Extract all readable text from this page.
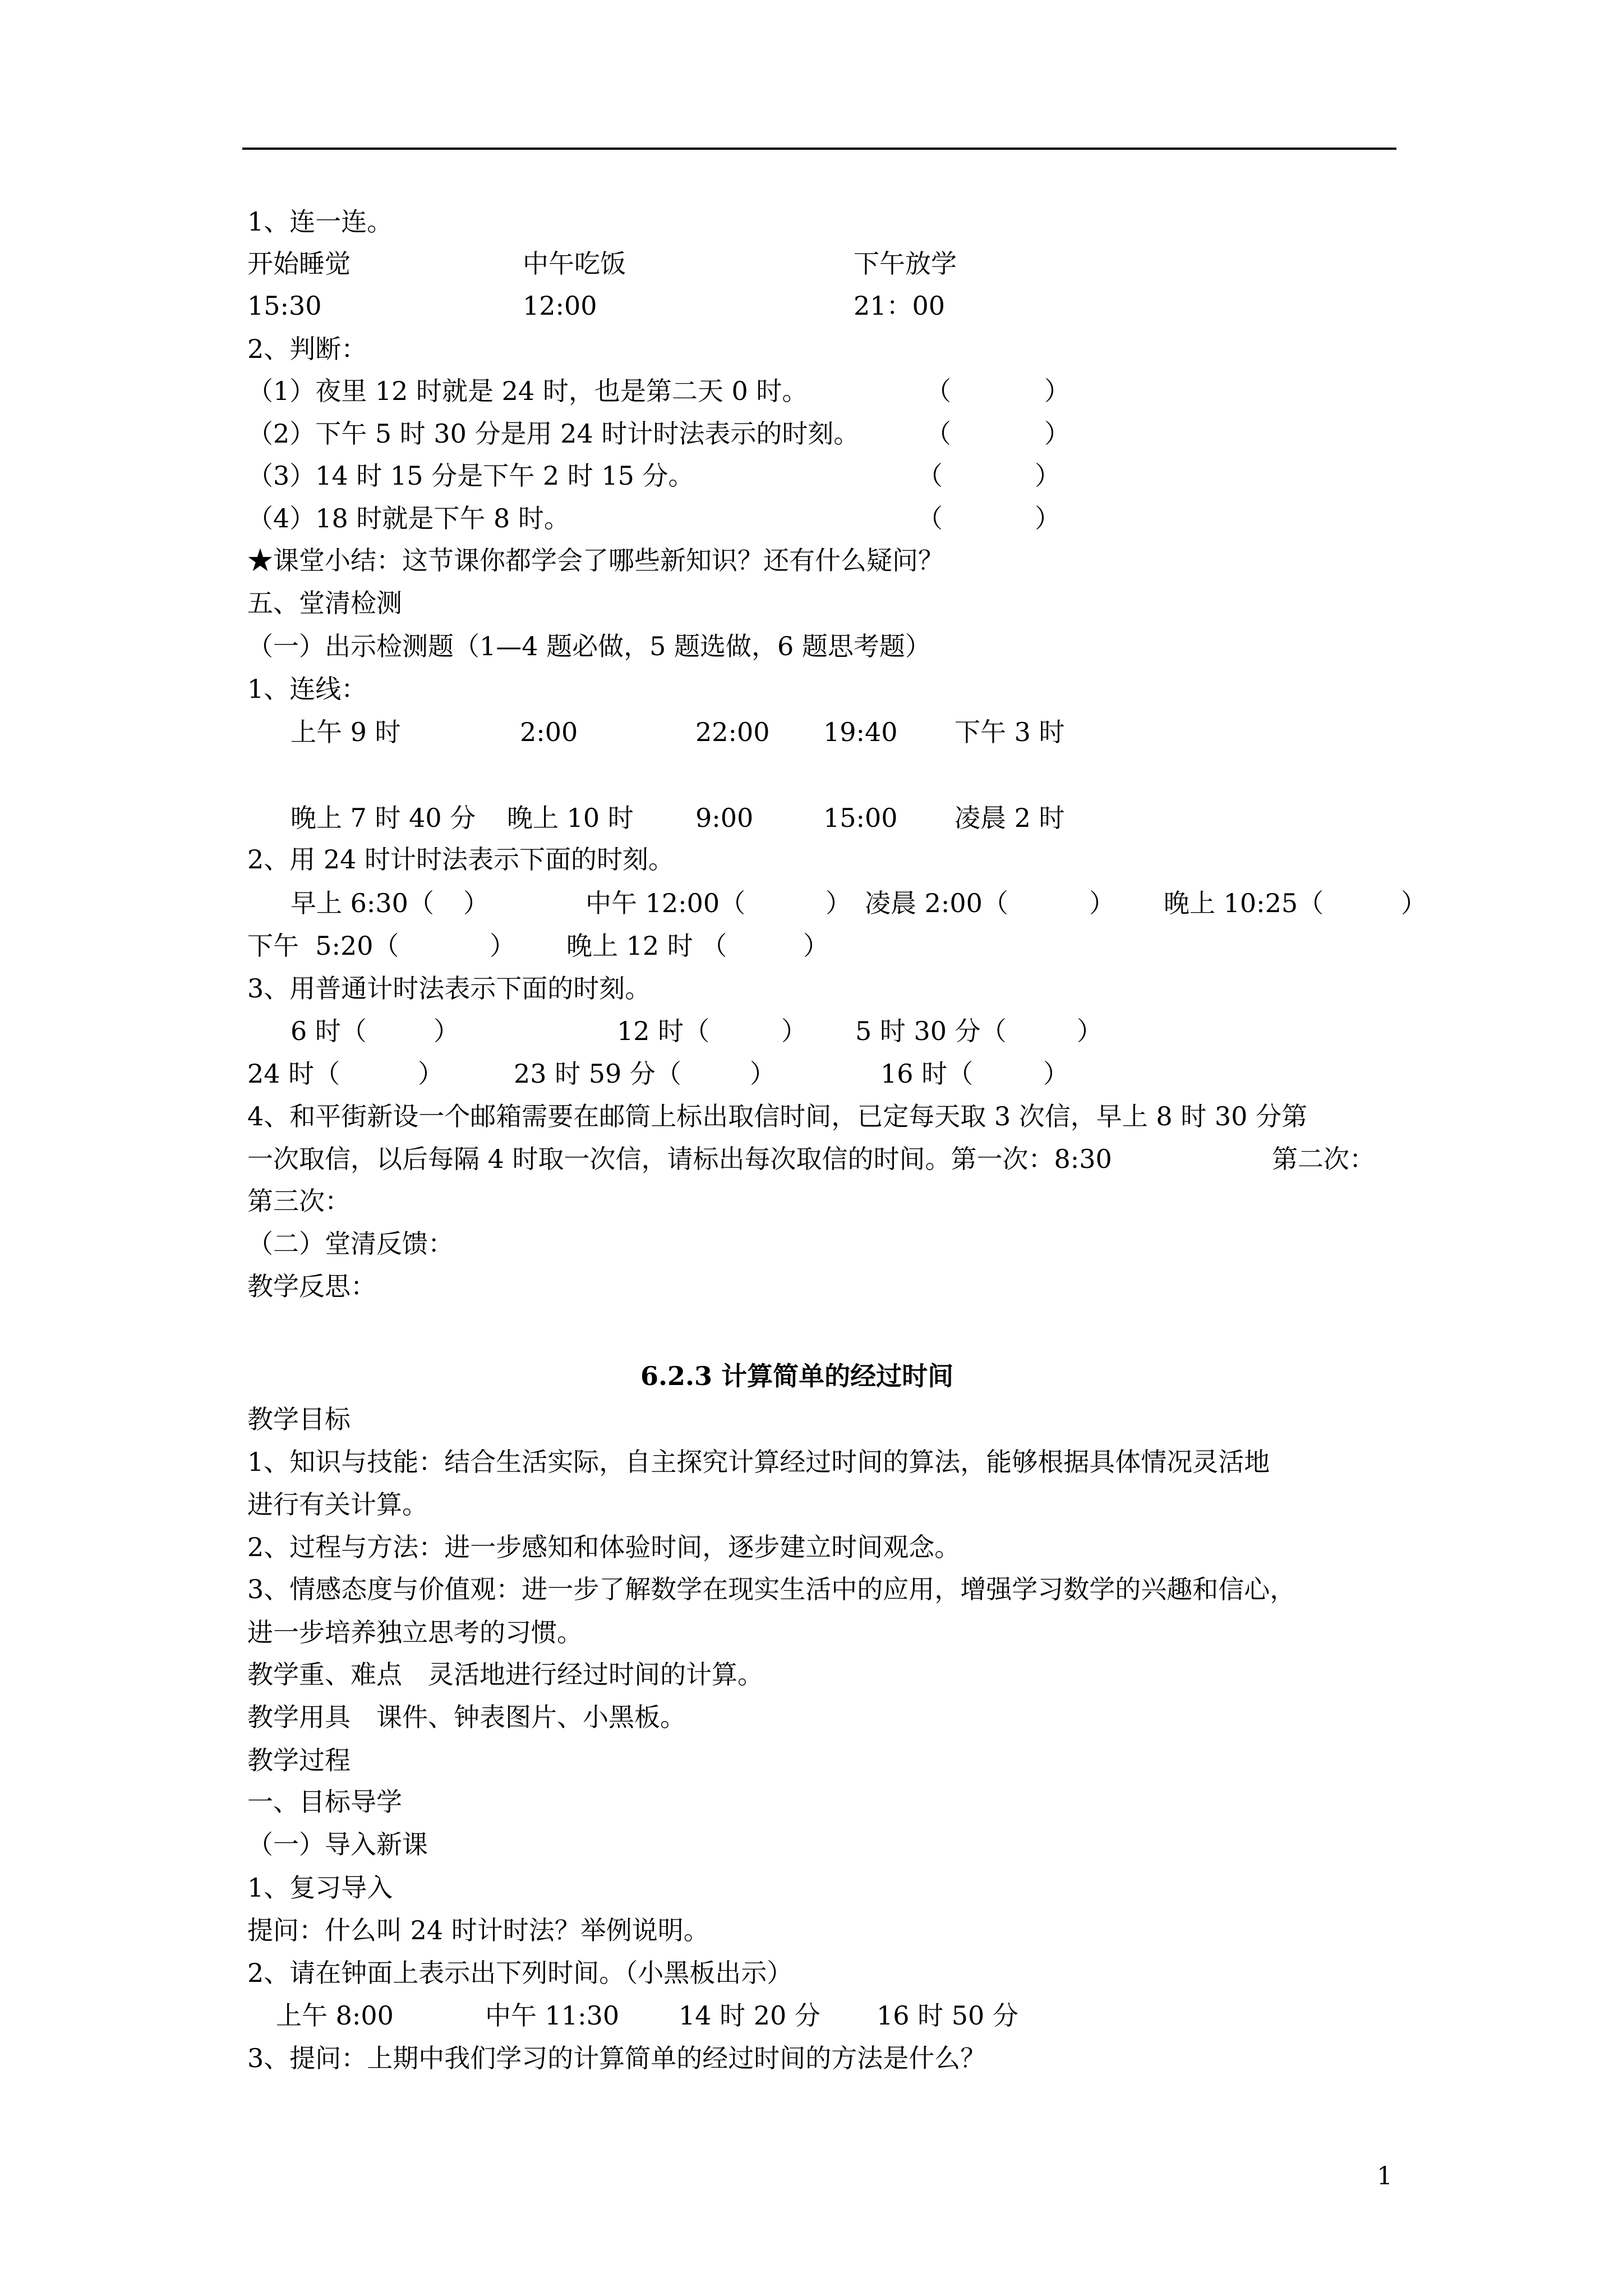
1、连一连。
开始睡觉	中午吃饭	下午放学
15:30	12:00	21：00
2、判断：
（1）夜里 12 时就是 24 时，也是第二天 0 时。	（	）
（2）下午 5 时 30 分是用 24 时计时法表示的时刻。	（	）
（3）14 时 15 分是下午 2 时 15 分。	（	）
（4）18 时就是下午 8 时。	（	）
★课堂小结：这节课你都学会了哪些新知识？还有什么疑问？
五、堂清检测
（一）出示检测题（1—4 题必做，5 题选做，6 题思考题）
1、连线：
上午 9 时	2:00	22:00 19:40 下午 3 时
晚上 7 时 40 分 晚上 10 时 9:00	15:00 凌晨 2 时
2、用 24 时计时法表示下面的时刻。
早上 6:30（ ）	中午 12:00（	） 凌晨 2:00（	） 晚上 10:25（	）
下午  5:20（	） 晚上 12 时 （	）
3、用普通计时法表示下面的时刻。
6 时（	）	12 时（	） 5 时 30 分（	）
24 时（	）	23 时 59 分（	）	16 时（	）
4、和平街新设一个邮箱需要在邮筒上标出取信时间，已定每天取 3 次信，早上 8 时 30 分第
一次取信，以后每隔 4 时取一次信，请标出每次取信的时间。第一次：8:30	第二次：
第三次：
（二）堂清反馈：
教学反思：
6.2.3 计算简单的经过时间
教学目标
1、知识与技能：结合生活实际，自主探究计算经过时间的算法，能够根据具体情况灵活地
进行有关计算。
2、过程与方法：进一步感知和体验时间，逐步建立时间观念。
3、情感态度与价值观：进一步了解数学在现实生活中的应用，增强学习数学的兴趣和信心，
进一步培养独立思考的习惯。
教学重、难点　灵活地进行经过时间的计算。
教学用具　课件、钟表图片、小黑板。
教学过程
一、目标导学
（一）导入新课
1、复习导入
提问：什么叫 24 时计时法？举例说明。
2、请在钟面上表示出下列时间。（小黑板出示）
上午 8:00	中午 11:30 14 时 20 分 16 时 50 分
3、提问：上期中我们学习的计算简单的经过时间的方法是什么？
1
